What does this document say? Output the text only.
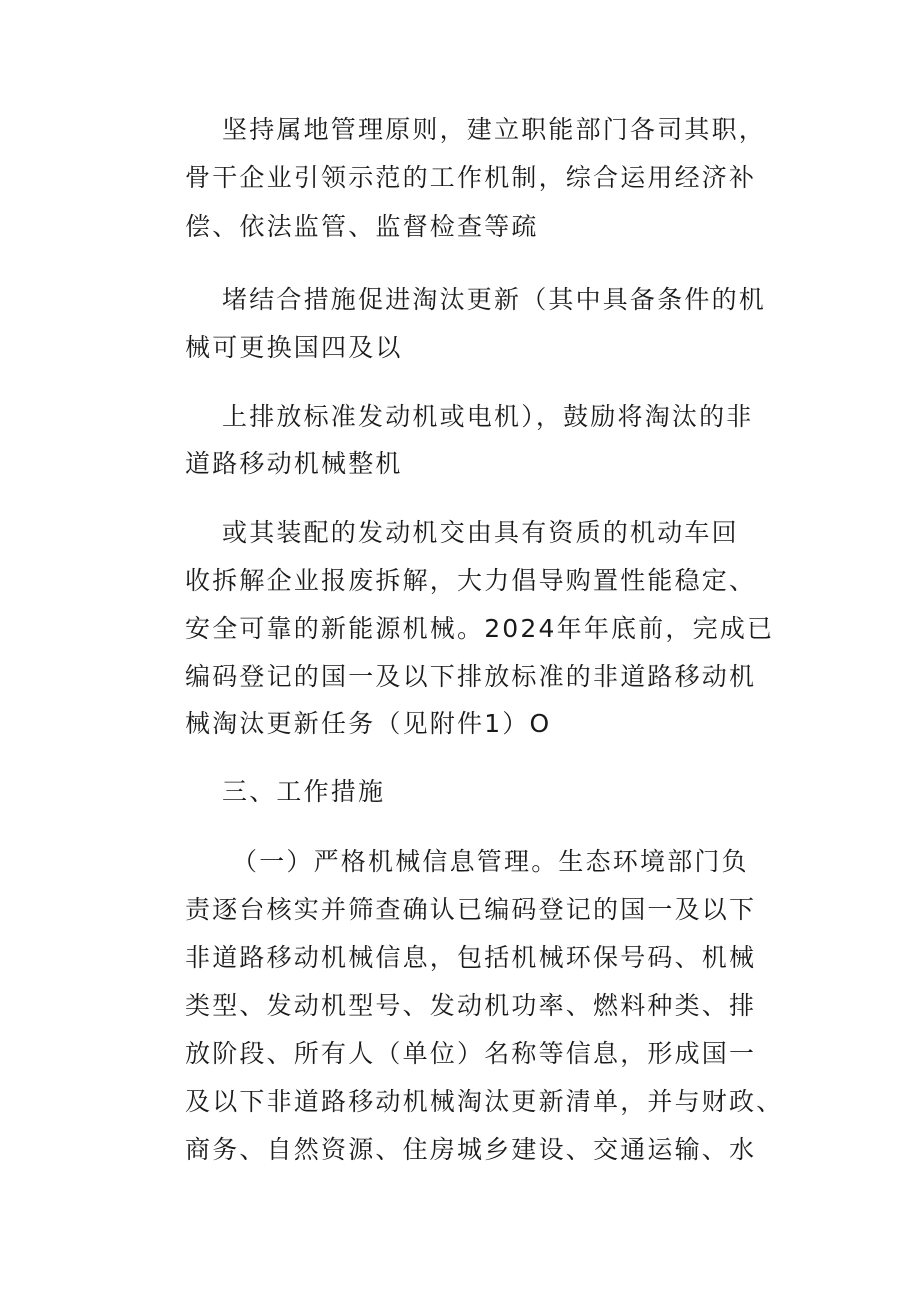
坚持属地管理原则，建立职能部门各司其职，
骨干企业引领示范的工作机制，综合运用经济补
偿、依法监管、监督检查等疏
堵结合措施促进淘汰更新（其中具备条件的机
械可更换国四及以
上排放标准发动机或电机），鼓励将淘汰的非
道路移动机械整机
或其装配的发动机交由具有资质的机动车回
收拆解企业报废拆解，大力倡导购置性能稳定、
安全可靠的新能源机械。2024年年底前，完成已
编码登记的国一及以下排放标准的非道路移动机
械淘汰更新任务（见附件1）O
三、工作措施
（一）严格机械信息管理。生态环境部门负
责逐台核实并筛查确认已编码登记的国一及以下
非道路移动机械信息，包括机械环保号码、机械
类型、发动机型号、发动机功率、燃料种类、排
放阶段、所有人（单位）名称等信息，形成国一
及以下非道路移动机械淘汰更新清单，并与财政、
商务、自然资源、住房城乡建设、交通运输、水
